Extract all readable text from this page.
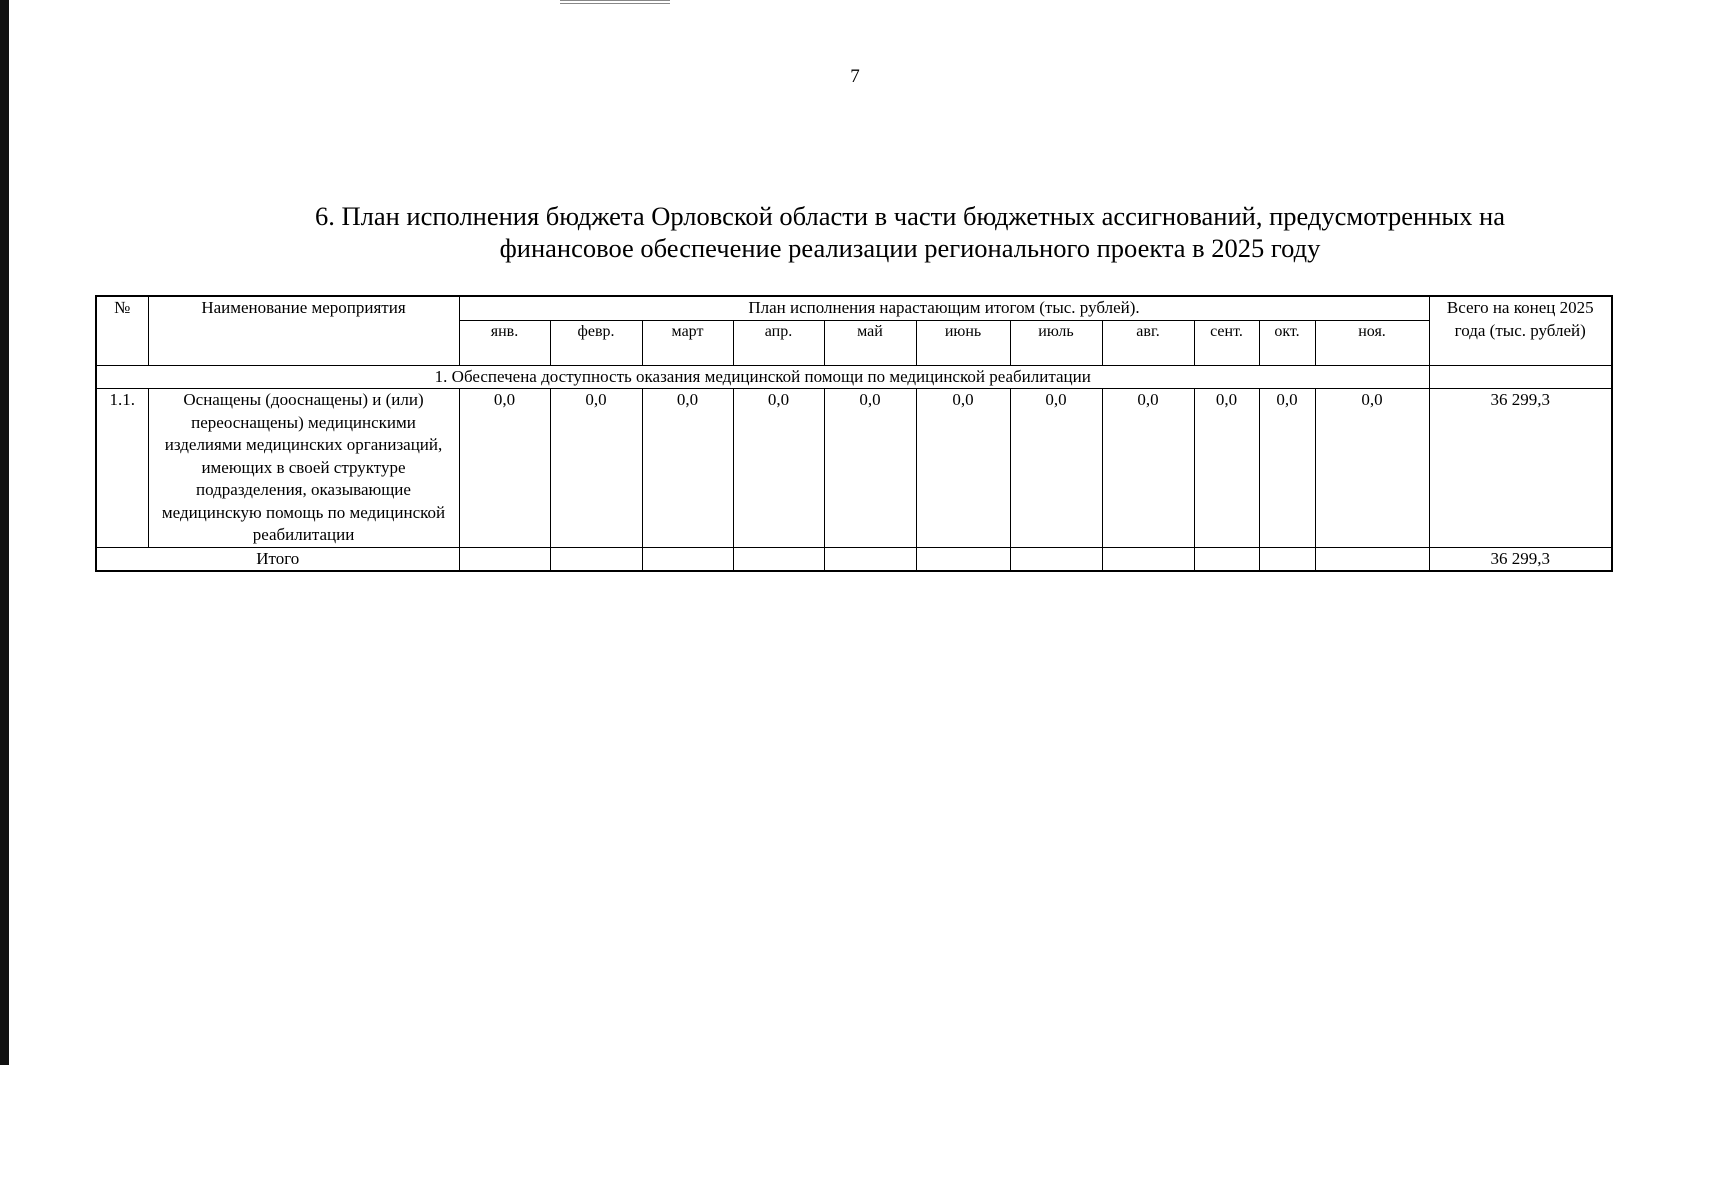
7
6. План исполнения бюджета Орловской области в части бюджетных ассигнований, предусмотренных на
финансовое обеспечение реализации регионального проекта в 2025 году
№	Наименование мероприятия	План исполнения нарастающим итогом (тыс. рублей).											Всего на конец 2025 года (тыс. рублей)
		янв.	февр.	март	апр.	май	июнь	июль	авг.	сент.	окт.	ноя.	
1. Обеспечена доступность оказания медицинской помощи по медицинской реабилитации													
1.1.	Оснащены (дооснащены) и (или) переоснащены) медицинскими изделиями медицинских организаций, имеющих в своей структуре подразделения, оказывающие медицинскую помощь по медицинской реабилитации	0,0	0,0	0,0	0,0	0,0	0,0	0,0	0,0	0,0	0,0	0,0	36 299,3
Итого													36 299,3
